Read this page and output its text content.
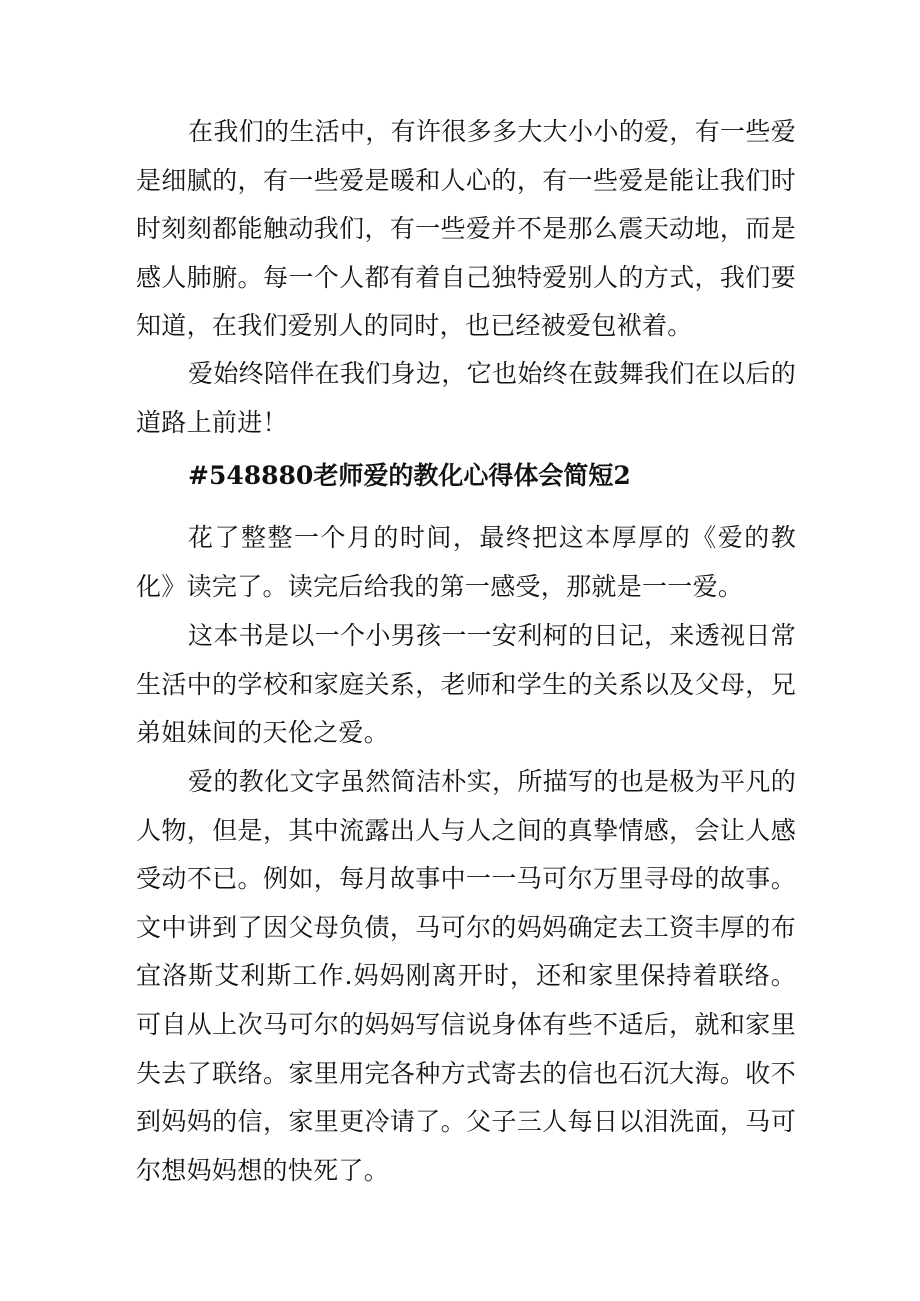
在我们的生活中，有许很多多大大小小的爱，有一些爱是细腻的，有一些爱是暖和人心的，有一些爱是能让我们时时刻刻都能触动我们，有一些爱并不是那么震天动地，而是感人肺腑。每一个人都有着自己独特爱别人的方式，我们要知道，在我们爱别人的同时，也已经被爱包袱着。

爱始终陪伴在我们身边，它也始终在鼓舞我们在以后的道路上前进！

#548880老师爱的教化心得体会简短2

花了整整一个月的时间，最终把这本厚厚的《爱的教化》读完了。读完后给我的第一感受，那就是一一爱。

这本书是以一个小男孩一一安利柯的日记，来透视日常生活中的学校和家庭关系，老师和学生的关系以及父母，兄弟姐妹间的天伦之爱。

爱的教化文字虽然简洁朴实，所描写的也是极为平凡的人物，但是，其中流露出人与人之间的真挚情感，会让人感受动不已。例如，每月故事中一一马可尔万里寻母的故事。文中讲到了因父母负债，马可尔的妈妈确定去工资丰厚的布宜洛斯艾利斯工作.妈妈刚离开时，还和家里保持着联络。可自从上次马可尔的妈妈写信说身体有些不适后，就和家里失去了联络。家里用完各种方式寄去的信也石沉大海。收不到妈妈的信，家里更冷请了。父子三人每日以泪洗面，马可尔想妈妈想的快死了。
